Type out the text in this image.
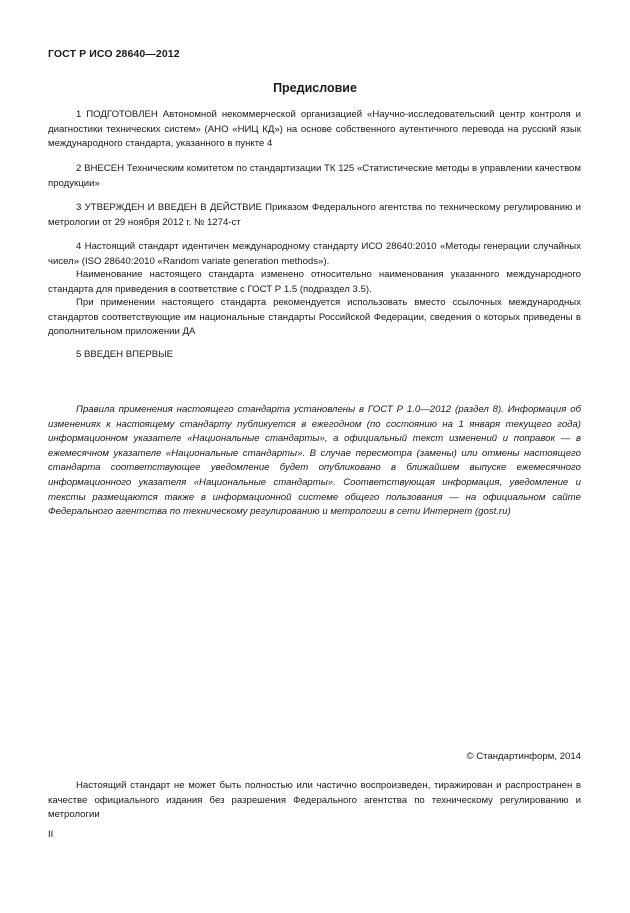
ГОСТ Р ИСО 28640—2012
Предисловие

1 ПОДГОТОВЛЕН Автономной некоммерческой организацией «Научно-исследовательский центр контроля и диагностики технических систем» (АНО «НИЦ КД») на основе собственного аутентичного перевода на русский язык международного стандарта, указанного в пункте 4

2 ВНЕСЕН Техническим комитетом по стандартизации ТК 125 «Статистические методы в управлении качеством продукции»

3 УТВЕРЖДЕН И ВВЕДЕН В ДЕЙСТВИЕ Приказом Федерального агентства по техническому регулированию и метрологии от 29 ноября 2012 г. № 1274-ст

4 Настоящий стандарт идентичен международному стандарту ИСО 28640:2010 «Методы генерации случайных чисел» (ISO 28640:2010 «Random variate generation methods»).

Наименование настоящего стандарта изменено относительно наименования указанного международного стандарта для приведения в соответствие с ГОСТ Р 1.5 (подраздел 3.5).

При применении настоящего стандарта рекомендуется использовать вместо ссылочных международных стандартов соответствующие им национальные стандарты Российской Федерации, сведения о которых приведены в дополнительном приложении ДА

5 ВВЕДЕН ВПЕРВЫЕ

Правила применения настоящего стандарта установлены в ГОСТ Р 1.0—2012 (раздел 8). Информация об изменениях к настоящему стандарту публикуется в ежегодном (по состоянию на 1 января текущего года) информационном указателе «Национальные стандарты», а официальный текст изменений и поправок — в ежемесячном указателе «Национальные стандарты». В случае пересмотра (замены) или отмены настоящего стандарта соответствующее уведомление будет опубликовано в ближайшем выпуске ежемесячного информационного указателя «Национальные стандарты». Соответствующая информация, уведомление и тексты размещаются также в информационной системе общего пользования — на официальном сайте Федерального агентства по техническому регулированию и метрологии в сети Интернет (gost.ru)

© Стандартинформ, 2014

Настоящий стандарт не может быть полностью или частично воспроизведен, тиражирован и распространен в качестве официального издания без разрешения Федерального агентства по техническому регулированию и метрологии

II
